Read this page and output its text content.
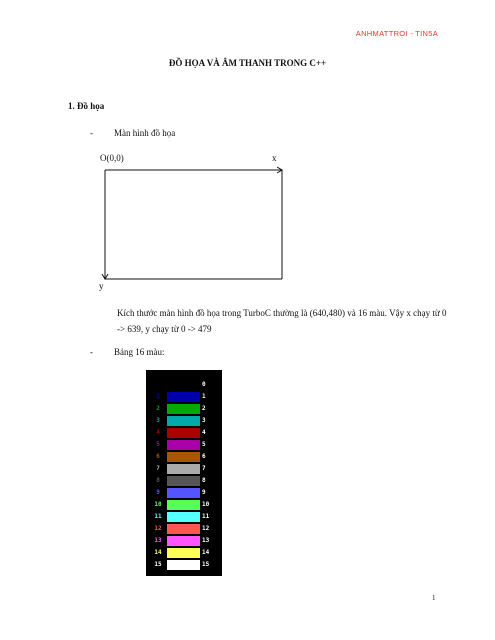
ANHMATTROI - TIN5A
ĐỒ HỌA VÀ ÂM THANH TRONG C++
1. Đồ họa
- Màn hình đồ họa
O(0,0)	x
y
Kích thước màn hình đồ họa trong TurboC thường là (640,480) và 16 màu. Vậy x chạy từ 0 -> 639, y chạy từ 0 -> 479
- Bảng 16 màu:
0
1	1
2	2
3	3
4	4
5	5
6	6
7	7
8	8
9	9
10	10
11	11
12	12
13	13
14	14
15	15
1
